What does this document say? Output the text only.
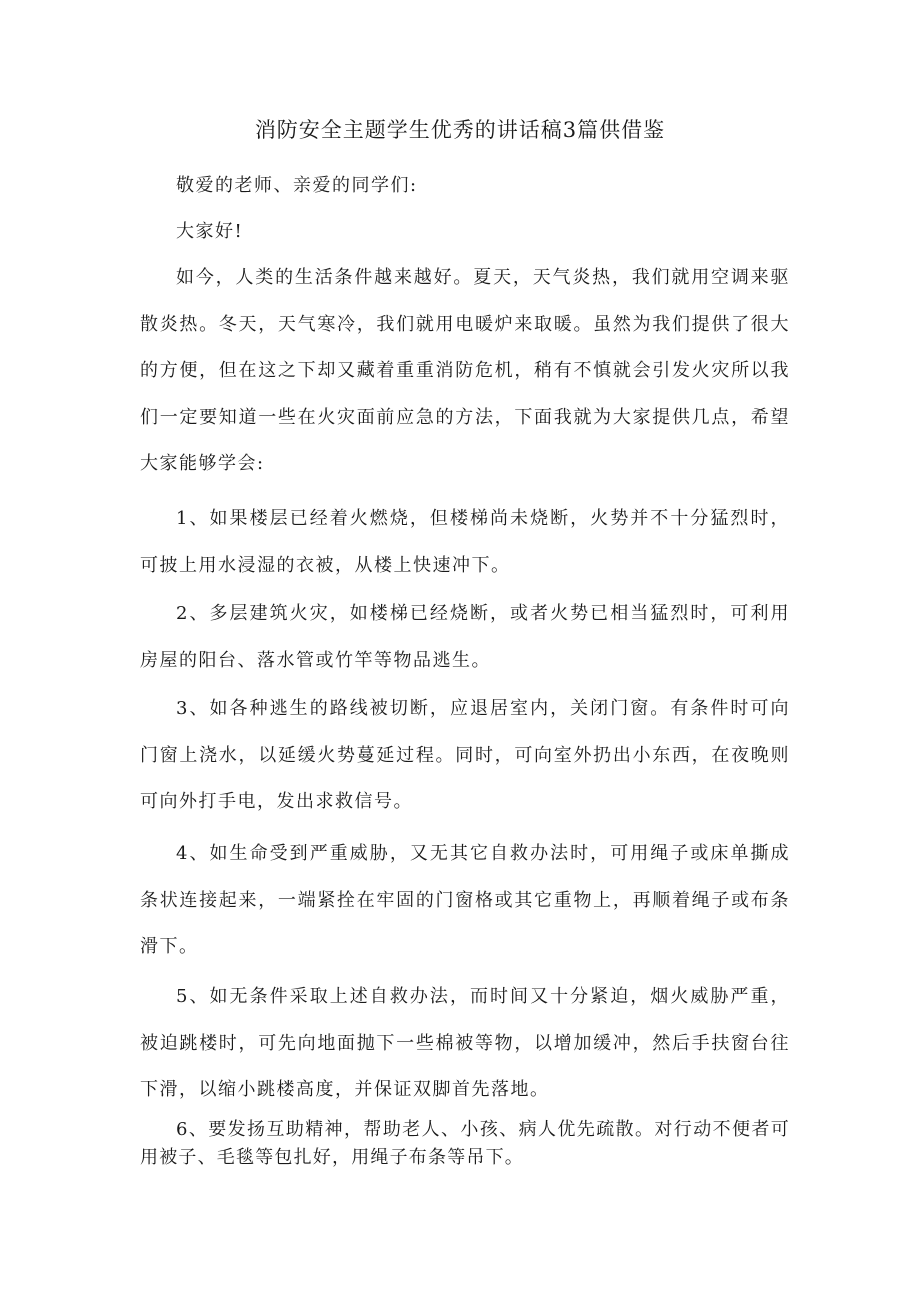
消防安全主题学生优秀的讲话稿3篇供借鉴
敬爱的老师、亲爱的同学们:
大家好!
如今，人类的生活条件越来越好。夏天，天气炎热，我们就用空调来驱散炎热。冬天，天气寒冷，我们就用电暖炉来取暖。虽然为我们提供了很大的方便，但在这之下却又藏着重重消防危机，稍有不慎就会引发火灾所以我们一定要知道一些在火灾面前应急的方法，下面我就为大家提供几点，希望大家能够学会:
1、如果楼层已经着火燃烧，但楼梯尚未烧断，火势并不十分猛烈时，可披上用水浸湿的衣被，从楼上快速冲下。
2、多层建筑火灾，如楼梯已经烧断，或者火势已相当猛烈时，可利用房屋的阳台、落水管或竹竿等物品逃生。
3、如各种逃生的路线被切断，应退居室内，关闭门窗。有条件时可向门窗上浇水，以延缓火势蔓延过程。同时，可向室外扔出小东西，在夜晚则可向外打手电，发出求救信号。
4、如生命受到严重威胁，又无其它自救办法时，可用绳子或床单撕成条状连接起来，一端紧拴在牢固的门窗格或其它重物上，再顺着绳子或布条滑下。
5、如无条件采取上述自救办法，而时间又十分紧迫，烟火威胁严重，被迫跳楼时，可先向地面抛下一些棉被等物，以增加缓冲，然后手扶窗台往下滑，以缩小跳楼高度，并保证双脚首先落地。
6、要发扬互助精神，帮助老人、小孩、病人优先疏散。对行动不便者可用被子、毛毯等包扎好，用绳子布条等吊下。
